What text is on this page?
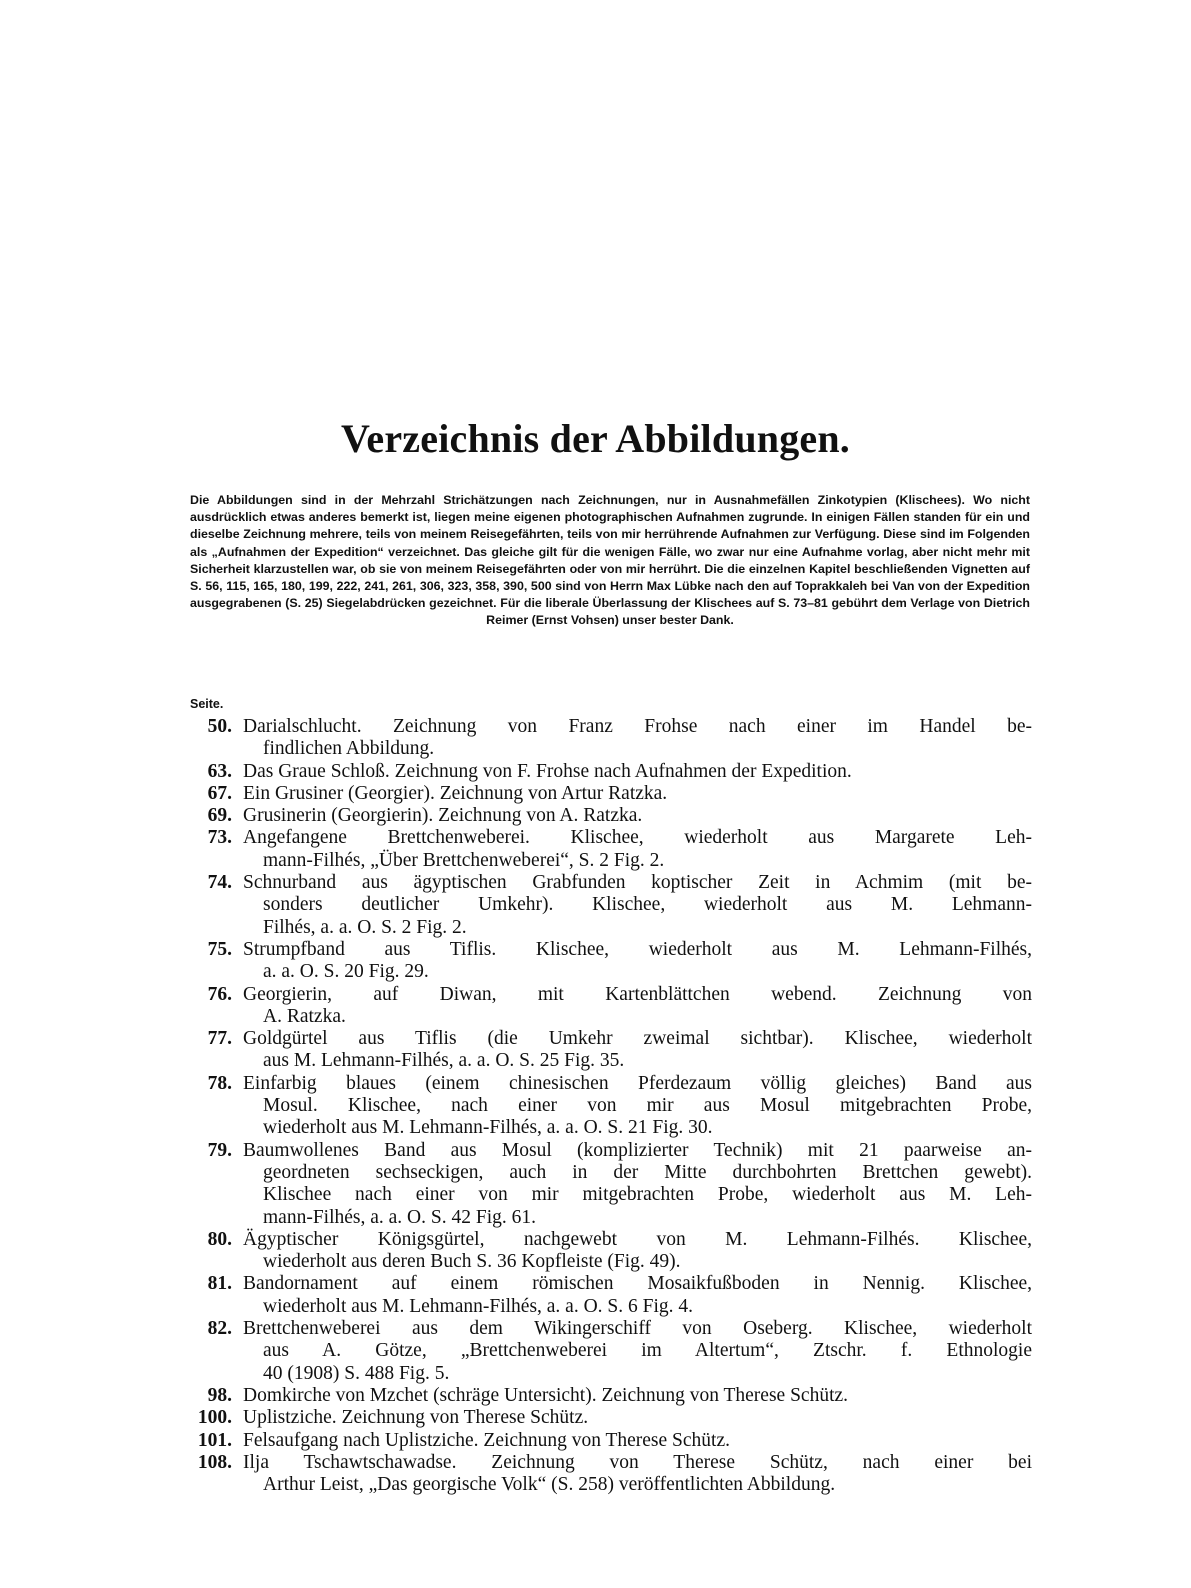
Verzeichnis der Abbildungen.

Die Abbildungen sind in der Mehrzahl Strichätzungen nach Zeichnungen, nur in Ausnahmefällen Zinkotypien (Klischees). Wo nicht ausdrücklich etwas anderes bemerkt ist, liegen meine eigenen photographischen Aufnahmen zugrunde. In einigen Fällen standen für ein und dieselbe Zeichnung mehrere, teils von meinem Reisegefährten, teils von mir herrührende Aufnahmen zur Verfügung. Diese sind im Folgenden als „Aufnahmen der Expedition“ verzeichnet. Das gleiche gilt für die wenigen Fälle, wo zwar nur eine Aufnahme vorlag, aber nicht mehr mit Sicherheit klarzustellen war, ob sie von meinem Reisegefährten oder von mir herrührt. Die die einzelnen Kapitel beschließenden Vignetten auf S. 56, 115, 165, 180, 199, 222, 241, 261, 306, 323, 358, 390, 500 sind von Herrn Max Lübke nach den auf Toprakkaleh bei Van von der Expedition ausgegrabenen (S. 25) Siegelabdrücken gezeichnet. Für die liberale Überlassung der Klischees auf S. 73–81 gebührt dem Verlage von Dietrich Reimer (Ernst Vohsen) unser bester Dank.

Seite.
50. Darialschlucht. Zeichnung von Franz Frohse nach einer im Handel be-
findlichen Abbildung.
63. Das Graue Schloß. Zeichnung von F. Frohse nach Aufnahmen der Expedition.
67. Ein Grusiner (Georgier). Zeichnung von Artur Ratzka.
69. Grusinerin (Georgierin). Zeichnung von A. Ratzka.
73. Angefangene Brettchenweberei. Klischee, wiederholt aus Margarete Leh-
mann-Filhés, „Über Brettchenweberei“, S. 2 Fig. 2.
74. Schnurband aus ägyptischen Grabfunden koptischer Zeit in Achmim (mit be-
sonders deutlicher Umkehr). Klischee, wiederholt aus M. Lehmann-
Filhés, a. a. O. S. 2 Fig. 2.
75. Strumpfband aus Tiflis. Klischee, wiederholt aus M. Lehmann-Filhés,
a. a. O. S. 20 Fig. 29.
76. Georgierin, auf Diwan, mit Kartenblättchen webend. Zeichnung von
A. Ratzka.
77. Goldgürtel aus Tiflis (die Umkehr zweimal sichtbar). Klischee, wiederholt
aus M. Lehmann-Filhés, a. a. O. S. 25 Fig. 35.
78. Einfarbig blaues (einem chinesischen Pferdezaum völlig gleiches) Band aus
Mosul. Klischee, nach einer von mir aus Mosul mitgebrachten Probe,
wiederholt aus M. Lehmann-Filhés, a. a. O. S. 21 Fig. 30.
79. Baumwollenes Band aus Mosul (komplizierter Technik) mit 21 paarweise an-
geordneten sechseckigen, auch in der Mitte durchbohrten Brettchen gewebt).
Klischee nach einer von mir mitgebrachten Probe, wiederholt aus M. Leh-
mann-Filhés, a. a. O. S. 42 Fig. 61.
80. Ägyptischer Königsgürtel, nachgewebt von M. Lehmann-Filhés. Klischee,
wiederholt aus deren Buch S. 36 Kopfleiste (Fig. 49).
81. Bandornament auf einem römischen Mosaikfußboden in Nennig. Klischee,
wiederholt aus M. Lehmann-Filhés, a. a. O. S. 6 Fig. 4.
82. Brettchenweberei aus dem Wikingerschiff von Oseberg. Klischee, wiederholt
aus A. Götze, „Brettchenweberei im Altertum“, Ztschr. f. Ethnologie
40 (1908) S. 488 Fig. 5.
98. Domkirche von Mzchet (schräge Untersicht). Zeichnung von Therese Schütz.
100. Uplistziche. Zeichnung von Therese Schütz.
101. Felsaufgang nach Uplistziche. Zeichnung von Therese Schütz.
108. Ilja Tschawtschawadse. Zeichnung von Therese Schütz, nach einer bei
Arthur Leist, „Das georgische Volk“ (S. 258) veröffentlichten Abbildung.
